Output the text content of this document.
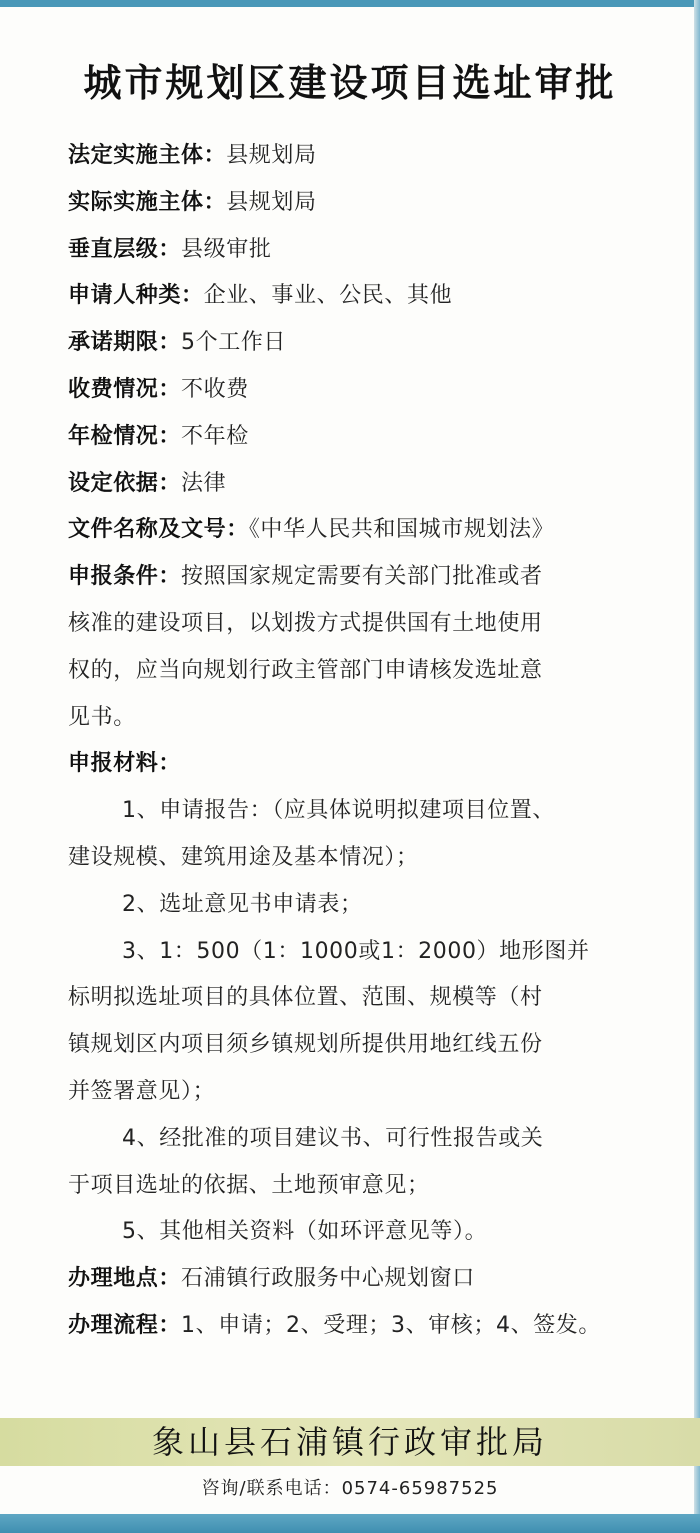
城市规划区建设项目选址审批
法定实施主体：县规划局
实际实施主体：县规划局
垂直层级：县级审批
申请人种类：企业、事业、公民、其他
承诺期限：5个工作日
收费情况：不收费
年检情况：不年检
设定依据：法律
文件名称及文号：《中华人民共和国城市规划法》
申报条件：按照国家规定需要有关部门批准或者
核准的建设项目，以划拨方式提供国有土地使用
权的，应当向规划行政主管部门申请核发选址意
见书。
申报材料：
1、申请报告：（应具体说明拟建项目位置、
建设规模、建筑用途及基本情况）；
2、选址意见书申请表；
3、1：500（1：1000或1：2000）地形图并
标明拟选址项目的具体位置、范围、规模等（村
镇规划区内项目须乡镇规划所提供用地红线五份
并签署意见）；
4、经批准的项目建议书、可行性报告或关
于项目选址的依据、土地预审意见；
5、其他相关资料（如环评意见等）。
办理地点：石浦镇行政服务中心规划窗口
办理流程：1、申请；2、受理；3、审核；4、签发。
象山县石浦镇行政审批局
咨询/联系电话：0574-65987525
